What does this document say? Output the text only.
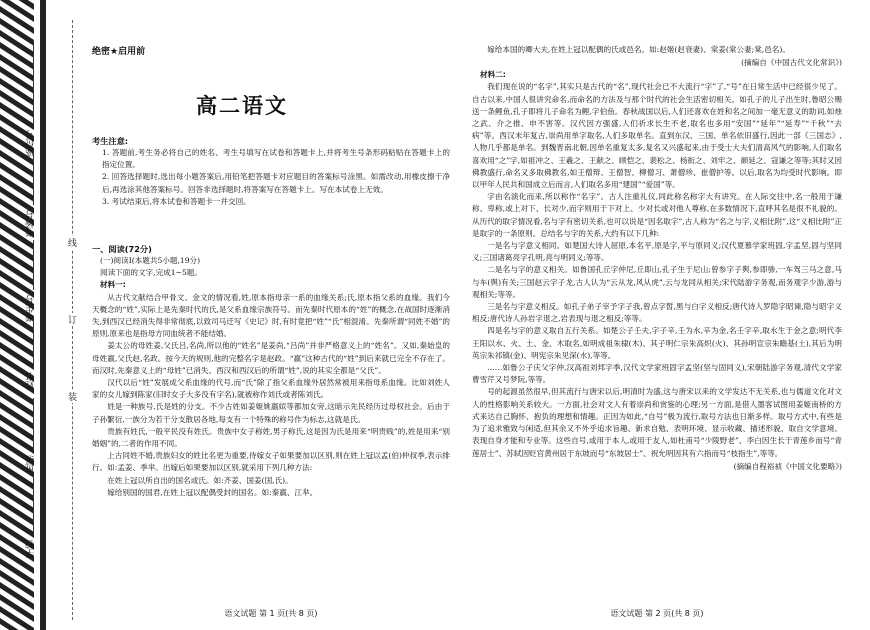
座位号
考场号
考生号
姓名
班级
学校
线
订
装
绝密★启用前
高二语文
考生注意:

1. 答题前,考生务必将自己的姓名、考生号填写在试卷和答题卡上,并将考生号条形码粘贴在答题卡上的指定位置。

2. 回答选择题时,选出每小题答案后,用铅笔把答题卡对应题目的答案标号涂黑。如需改动,用橡皮擦干净后,再选涂其他答案标号。回答非选择题时,将答案写在答题卡上。写在本试卷上无效。

3. 考试结束后,将本试卷和答题卡一并交回。

一、阅读(72分)

(一)阅读Ⅰ(本题共5小题,19分)

阅读下面的文字,完成1~5题。

材料一:

从古代文献结合甲骨文、金文的情况看,姓,原本指母亲一系的血缘关系;氏,原本指父系的血缘。我们今天概念的“姓”,实际上是先秦时代的氏,是父系血缘宗族符号。而先秦时代原本的“姓”的概念,在战国时逐渐消失,到西汉已经消失得非常彻底,以致司马迁写《史记》时,有时竟把“姓”“氏”相混淆。先秦所谓“同姓不婚”的原则,原来也是指母方同血统者不能结婚。

姜太公的母姓姜,父氏吕,名尚,所以他的“姓名”是姜尚,“吕尚”并非严格意义上的“姓名”。又如,秦始皇的母姓嬴,父氏赵,名政。按今天的规则,他的完整名字是赵政。“嬴”这种古代的“姓”到后来就已完全不存在了。而汉时,先秦意义上的“母姓”已消失。西汉和西汉后的所谓“姓”,说的其实全都是“父氏”。

汉代以后“姓”发展成父系血缘的代号,而“氏”除了指父系血缘外居然常被用来指母系血缘。比如刘姓人家的女儿嫁到陈家(旧时女子大多没有字名),就被称作刘氏或者陈刘氏。

姓是一种族号,氏是姓的分支。不少古姓如姜姬姚嬴姒等都加女旁,这暗示先民经历过母权社会。后由于子孙繁衍,一族分为若干分支散居各地,每支有一个特殊的称号作为标志,这就是氏。

贵族有姓氏,一般平民没有姓氏。贵族中女子称姓,男子称氏,这是因为氏是用来“明贵贱”的,姓是用来“别婚姻”的,二者的作用不同。

上古同姓不婚,贵族妇女的姓比名更为重要,待嫁女子如果要加以区别,则在姓上冠以孟(伯)仲叔季,表示排行。如:孟姜、季芈。出嫁后如果要加以区别,就采用下列几种方法:

在姓上冠以所自出的国名或氏。如:齐姜、国姜(国,氏)。

嫁给别国的国君,在姓上冠以配偶受封的国名。如:秦嬴、江芈。

语文试题 第 1 页(共 8 页)

嫁给本国的卿大夫,在姓上冠以配偶的氏或邑名。如:赵姬(赵衰妻)、棠姜(棠公妻;棠,邑名)。

(摘编自《中国古代文化常识》)

材料二:

我们现在说的“名字”,其实只是古代的“名”,现代社会已不大流行“字”了,“号”在日常生活中已经很少见了。自古以来,中国人很讲究命名,而命名的方法及与那个时代的社会生活密切相关。如孔子的儿子出生时,鲁昭公赐送一条鲤鱼,孔子即将儿子命名为鲤,字伯鱼。春秋战国以后,人们还喜欢在姓和名之间加一毫无意义的助词,如烛之武、介之推、申不害等。汉代因方强盛,人们祈求长生不老,取名也多用“安国”“延年”“延寿”“千秋”“去病”等。西汉末年复古,崇尚用单字取名,人们多取单名。直到东汉、三国、单名依旧盛行,因此一部《三国志》,人物几乎都是单名。到魏晋南北朝,因单名重复太多,复名又兴盛起来,由于受士大夫们清高风气的影响,人们取名喜欢用“之”字,如祖冲之、王羲之、王献之、顾恺之、裴松之、杨衒之、刘牢之、颜延之、寇谦之等等;其时又因佛教盛行,命名又多取佛教名,如王僧辩、王僧智、柳僧习、萧僧珍、崔僧护等。以后,取名为均受时代影响。即以甲年人民共和国成立后而言,人们取名多用“建国”“爱国”等。

字由名演化而来,所以称作“名字”。古人注重礼仪,同此称名称字大有讲究。在人际交往中,名一般用于谦称、卑称,或上对下、长对少,而字则用于下对上、少对长或对他人尊称,在多数情况下,直呼其名是很不礼貌的。从历代的取字情况看,名与字有密切关系,也可以说是“因名取字”,古人称为“名之与字,义相比附”,这“义相比附”正是取字的一条原则。总结名与字的关系,大约有以下几种:

一是名与字意义相同。如楚国大诗人屈原,本名平,原是字,平与原同义;汉代夏慕学家班固,字孟坚,固与坚同义;三国诸葛亮字孔明,亮与明同义;等等。

二是名与字的意义相关。如鲁国孔丘字仲尼,丘即山,孔子生于尼山;曾参字子舆,参即骖,一车驾三马之意,马与车(舆)有关;三国赵云字子龙,古人认为“云从龙,风从虎”,云与龙同从相关;宋代陆游字务观,而务观字少游,游与观相关;等等。

三是名与字意义相反。如孔子弟子宰予字子我,曾点字皙,黑与白字义相反;唐代诗人罗隐字昭谏,隐与昭字义相反;唐代诗人孙岩字退之,岩表现与退之相反;等等。

四是名与字的意义取自五行关系。如楚公子壬夫,字子辛,壬为水,辛为金,名壬字辛,取水生于金之意;明代李王阳以水、火、土、金、木取名,如明成祖朱棣(木)、其子明仁宗朱高炽(火)、其孙明宣宗朱瞻基(土),其后为明英宗朱祁镇(金)、明宪宗朱见深(水),等等。

……如鲁公子庆父字仲,汉高祖刘邦字季,汉代文学家班固字孟坚(坚与固同义),宋朝陆游字务观,清代文学家曹雪芹又号梦阮,等等。

号的起源虽然很早,但其流行与唐宋以后,明清时为盛,这与唐宋以来的文学发达不无关系,也与儒道文化对文人的性格影响关系较大。一方面,社会对文人有着崇尚和赏鉴的心理;另一方面,是借人墨客试图用姜姬南桥的方式来达自己胸怀、抱负的理想和情趣。正因为如此,“自号”极为流行,取号方法也日渐多样。取号方式中,有些是为了追求雅致与闲适,但其余又不外乎追求旨趣、新求自勉、表明环境、显示收藏、描述形貌、取自文学意境、表现自身才能和专业等。这些自号,或用于本人,或用于友人,如杜甫号“少陵野老”、李白因生长于青莲乡而号“青莲居士”、苏轼因贬官黄州居于东坡而号“东坡居士”、祝允明因其有六指而号“枝指生”,等等。

(摘编自程裕祯《中国文化要略》)

语文试题 第 2 页(共 8 页)
